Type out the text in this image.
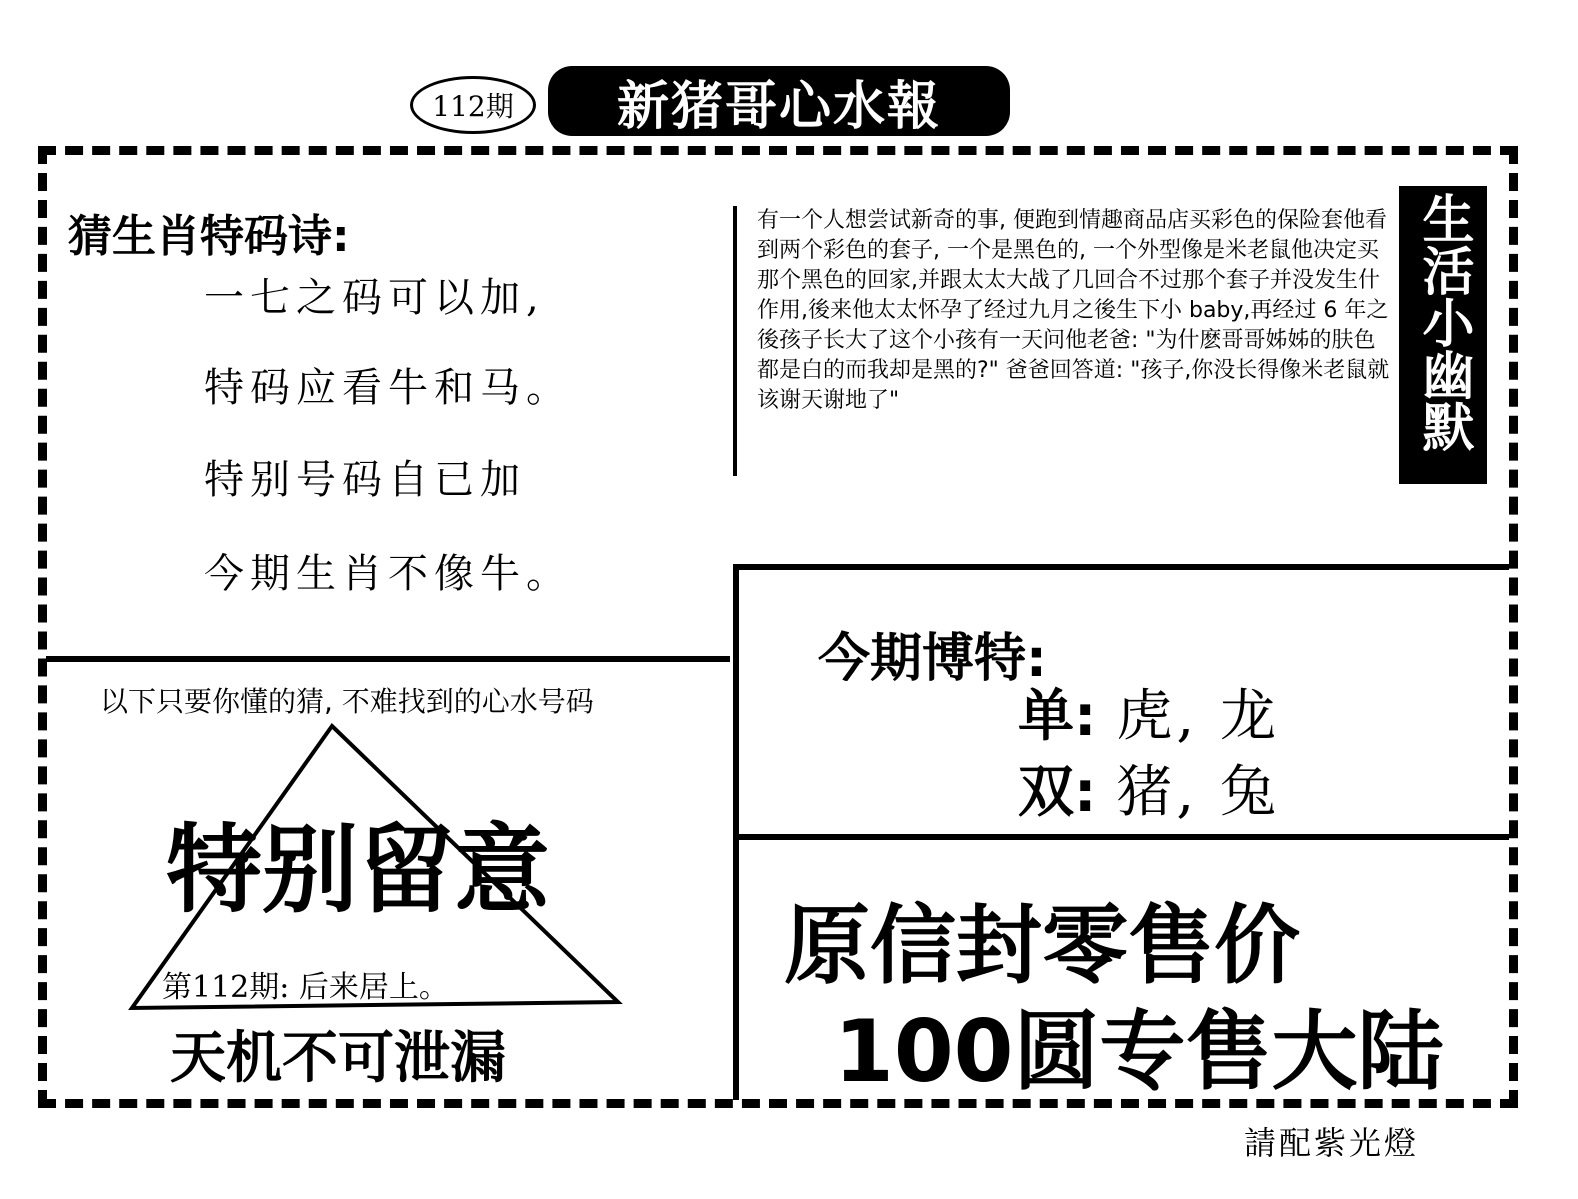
112期	新猪哥心水報
猜生肖特码诗:
一七之码可以加,
特码应看牛和马。
特别号码自已加
今期生肖不像牛。
有一个人想尝试新奇的事, 便跑到情趣商品店买彩色的保险套他看到两个彩色的套子, 一个是黑色的, 一个外型像是米老鼠他决定买那个黑色的回家,并跟太太大战了几回合不过那个套子并没发生什作用,後来他太太怀孕了经过九月之後生下小 baby,再经过 6 年之後孩子长大了这个小孩有一天问他老爸: "为什麽哥哥姊姊的肤色都是白的而我却是黑的?" 爸爸回答道: "孩子,你没长得像米老鼠就该谢天谢地了"	生活小幽默
今期博特:
单: 虎, 龙
双: 猪, 兔
原信封零售价
100圆专售大陆
以下只要你懂的猜, 不难找到的心水号码
特别留意
第112期: 后来居上。
天机不可泄漏
請配紫光燈
